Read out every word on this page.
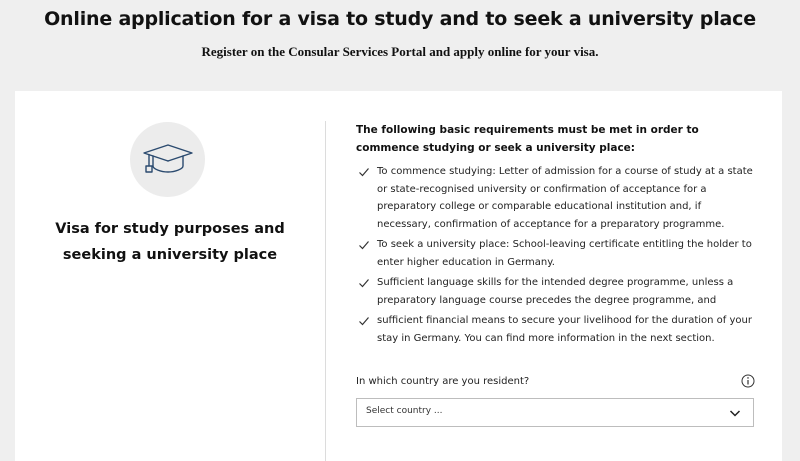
Online application for a visa to study and to seek a university place

Register on the Consular Services Portal and apply online for your visa.

Visa for study purposes and seeking a university place

The following basic requirements must be met in order to commence studying or seek a university place:

To commence studying: Letter of admission for a course of study at a state or state-recognised university or confirmation of acceptance for a preparatory college or comparable educational institution and, if necessary, confirmation of acceptance for a preparatory programme.
To seek a university place: School-leaving certificate entitling the holder to enter higher education in Germany.
Sufficient language skills for the intended degree programme, unless a preparatory language course precedes the degree programme, and
sufficient financial means to secure your livelihood for the duration of your stay in Germany. You can find more information in the next section.
In which country are you resident?
Select country ...
